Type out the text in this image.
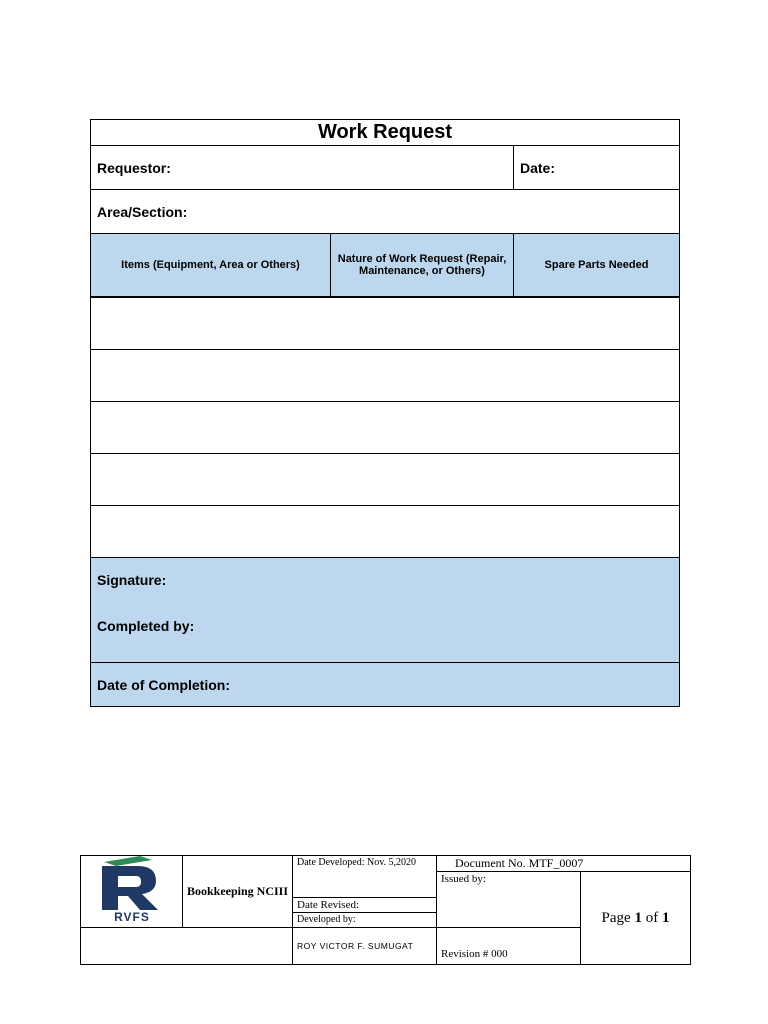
Work Request		
Requestor:		Date:
Area/Section:		
Items (Equipment, Area or Others)	Nature of Work Request (Repair, Maintenance, or Others)	Spare Parts Needed

Signature:
Completed by:		

Date of Completion:		
RVFS	Bookkeeping NCIII	Date Developed: Nov. 5,2020	Document No. MTF_0007	
			Issued by:	Page 1 of 1
		Date Revised:		
		Developed by:		
		ROY VICTOR F. SUMUGAT	Revision # 000	
